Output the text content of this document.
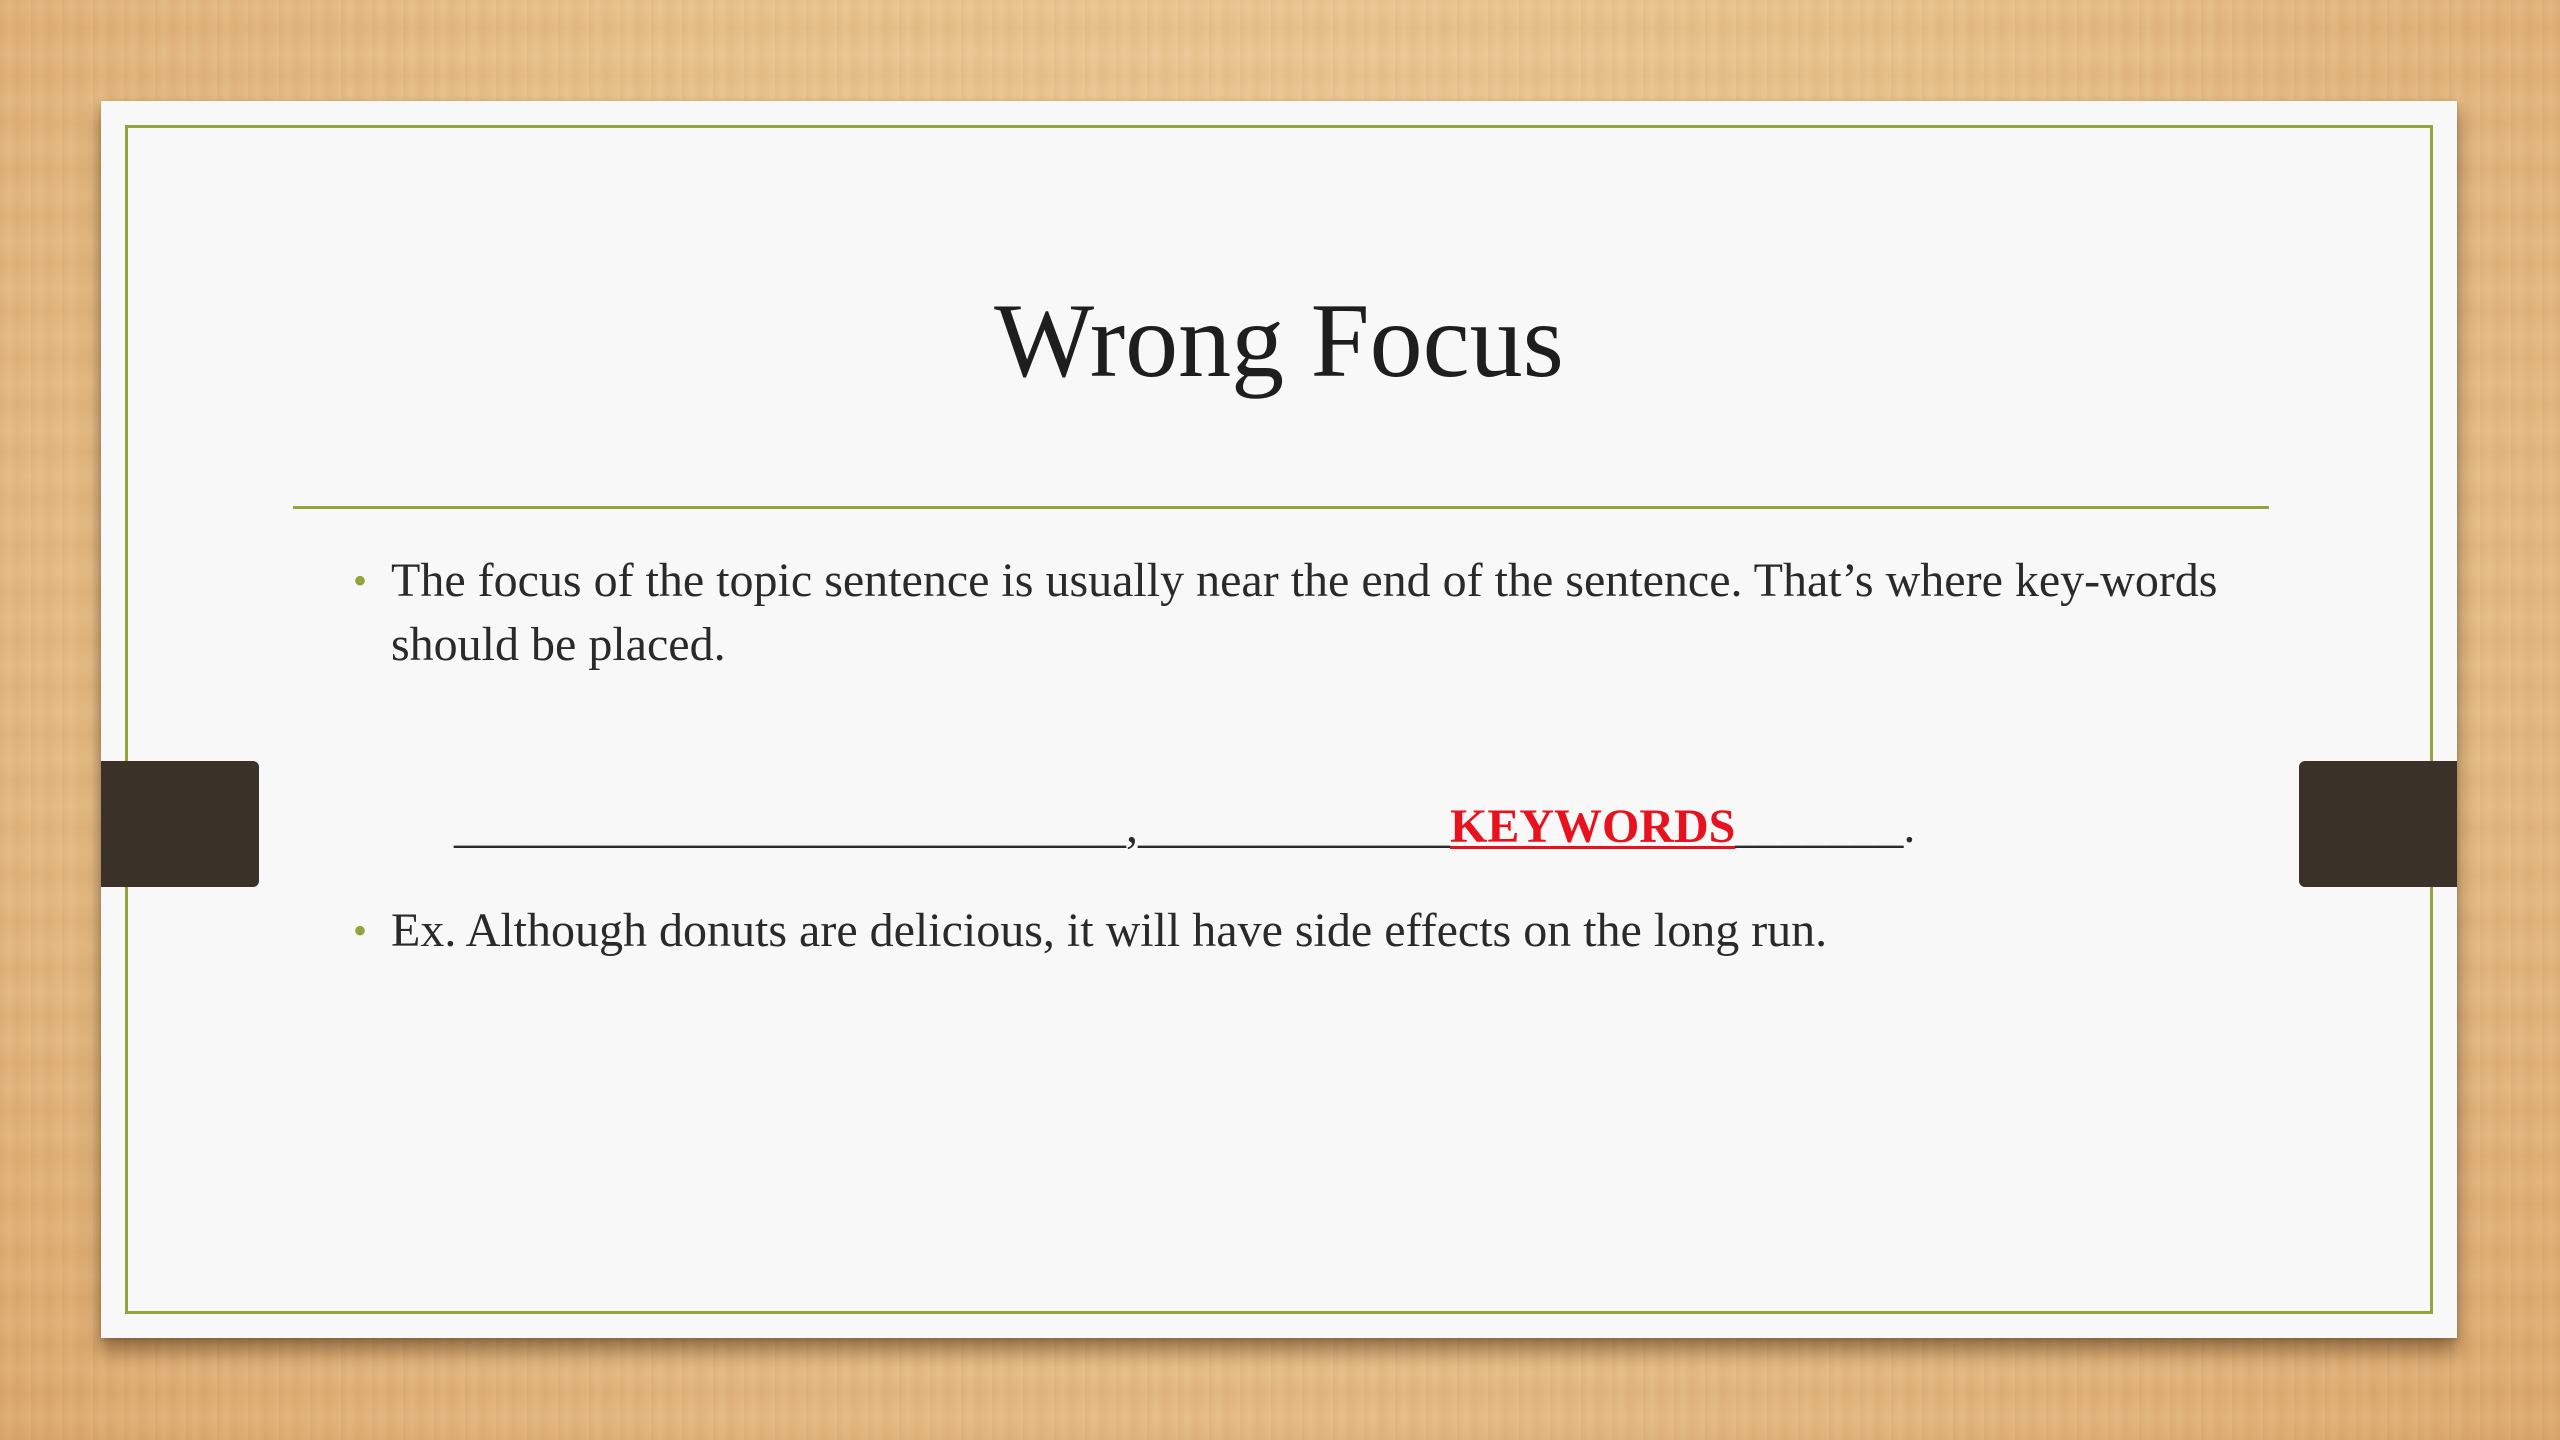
Wrong Focus
• The focus of the topic sentence is usually near the end of the sentence. That’s where key-words should be placed.
____________________________,_____________KEYWORDS_______.
• Ex. Although donuts are delicious, it will have side effects on the long run.
